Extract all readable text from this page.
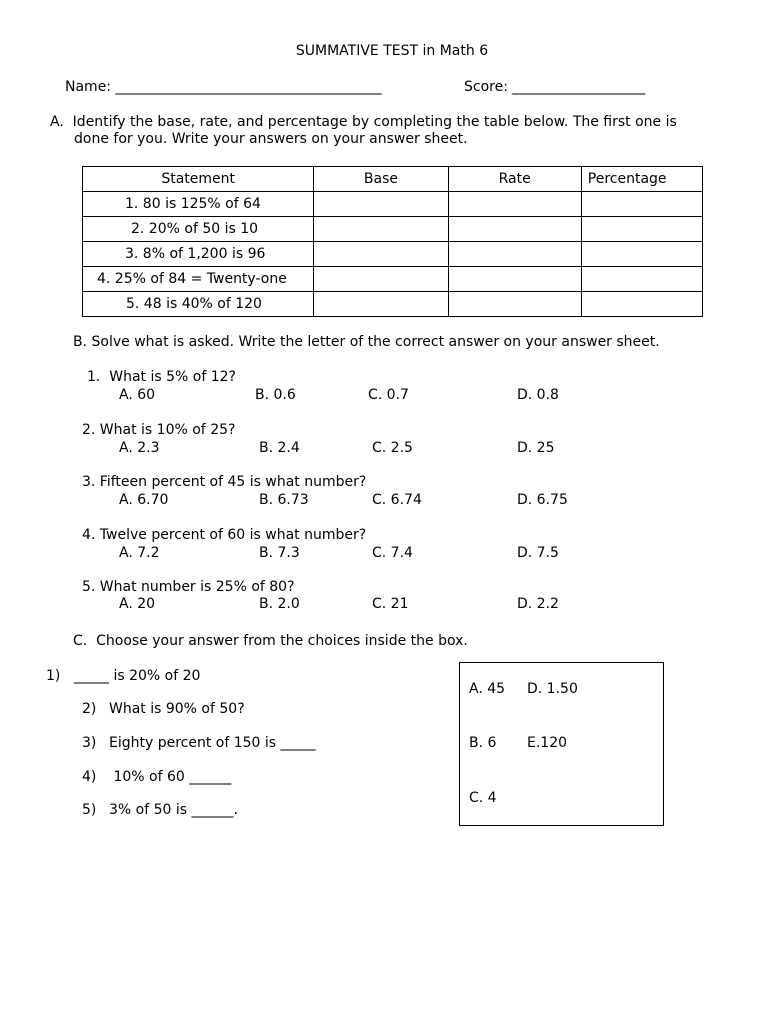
SUMMATIVE TEST in Math 6
Name: ______________________________________	Score: ___________________
A.  Identify the base, rate, and percentage by completing the table below. The first one is
done for you. Write your answers on your answer sheet.
Statement	Base	Rate	Percentage
1. 80 is 125% of 64			
2. 20% of 50 is 10			
3. 8% of 1,200 is 96			
4. 25% of 84 = Twenty-one			
5. 48 is 40% of 120			
B. Solve what is asked. Write the letter of the correct answer on your answer sheet.
1.  What is 5% of 12?
A. 60	B. 0.6	C. 0.7	D. 0.8
2. What is 10% of 25?
A. 2.3	B. 2.4	C. 2.5	D. 25
3. Fifteen percent of 45 is what number?
A. 6.70	B. 6.73	C. 6.74	D. 6.75
4. Twelve percent of 60 is what number?
A. 7.2	B. 7.3	C. 7.4	D. 7.5
5. What number is 25% of 80?
A. 20	B. 2.0	C. 21	D. 2.2
C.  Choose your answer from the choices inside the box.
1) _____ is 20% of 20
2) What is 90% of 50?
3) Eighty percent of 150 is _____
4) 10% of 60 ______
5) 3% of 50 is ______.
A. 45 D. 1.50
B. 6 E.120
C. 4
